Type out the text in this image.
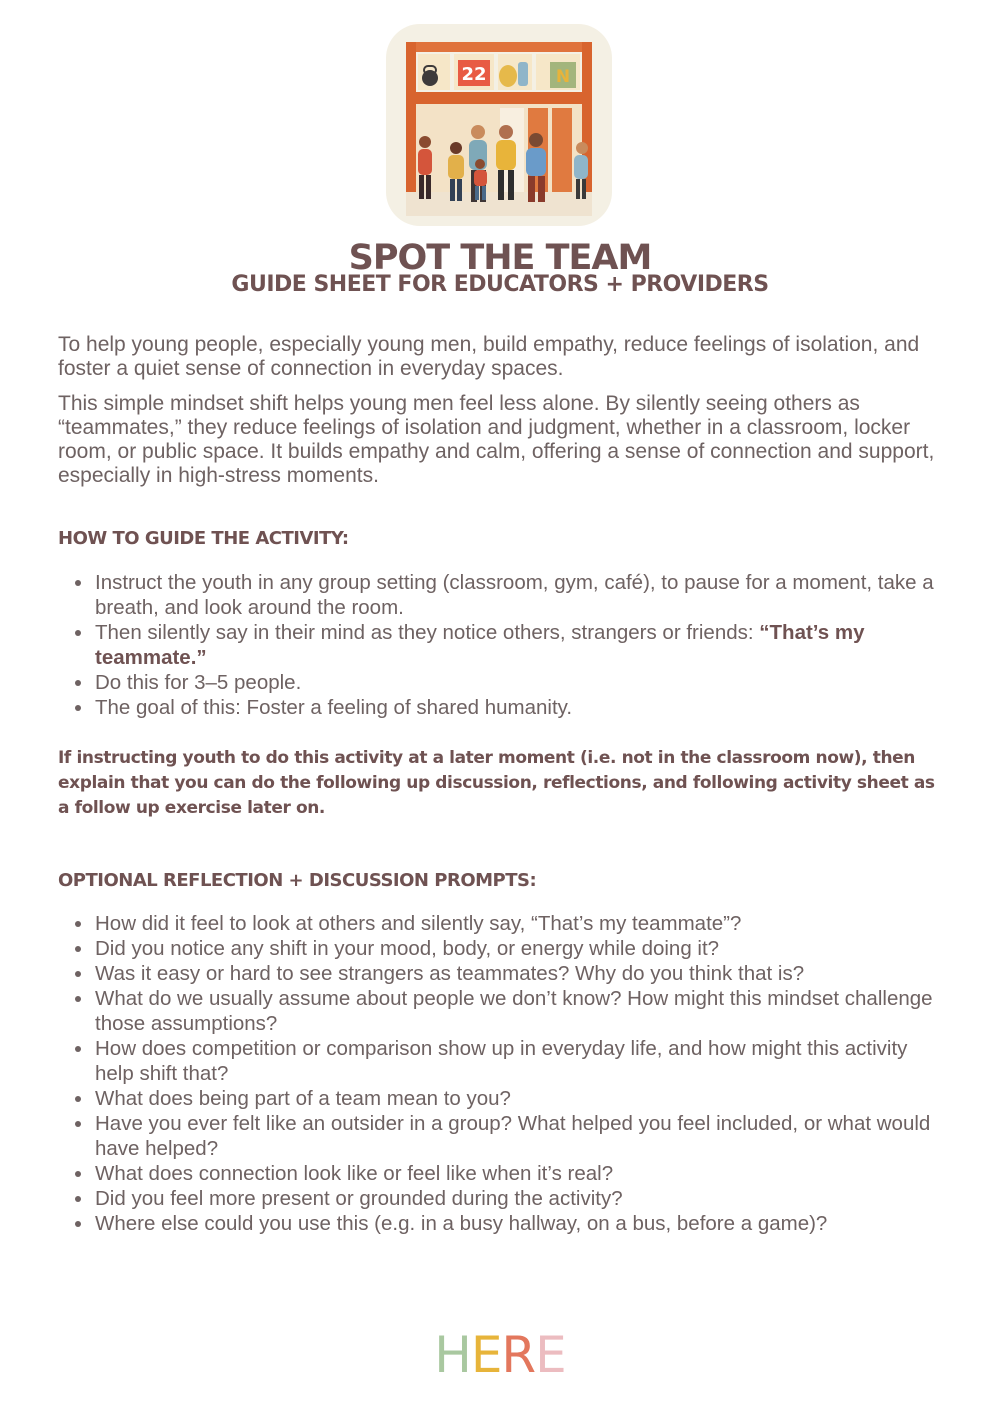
22	N
SPOT THE TEAM
GUIDE SHEET FOR EDUCATORS + PROVIDERS

To help young people, especially young men, build empathy, reduce feelings of isolation, and foster a quiet sense of connection in everyday spaces.

This simple mindset shift helps young men feel less alone. By silently seeing others as “teammates,” they reduce feelings of isolation and judgment, whether in a classroom, locker room, or public space. It builds empathy and calm, offering a sense of connection and support, especially in high-stress moments.

HOW TO GUIDE THE ACTIVITY:
Instruct the youth in any group setting (classroom, gym, café), to pause for a moment, take a breath, and look around the room.
Then silently say in their mind as they notice others, strangers or friends: “That’s my teammate.”
Do this for 3–5 people.
The goal of this: Foster a feeling of shared humanity.

If instructing youth to do this activity at a later moment (i.e. not in the classroom now), then explain that you can do the following up discussion, reflections, and following activity sheet as a follow up exercise later on.

OPTIONAL REFLECTION + DISCUSSION PROMPTS:
How did it feel to look at others and silently say, “That’s my teammate”?
Did you notice any shift in your mood, body, or energy while doing it?
Was it easy or hard to see strangers as teammates? Why do you think that is?
What do we usually assume about people we don’t know? How might this mindset challenge those assumptions?
How does competition or comparison show up in everyday life, and how might this activity help shift that?
What does being part of a team mean to you?
Have you ever felt like an outsider in a group? What helped you feel included, or what would have helped?
What does connection look like or feel like when it’s real?
Did you feel more present or grounded during the activity?
Where else could you use this (e.g. in a busy hallway, on a bus, before a game)?
HERE
